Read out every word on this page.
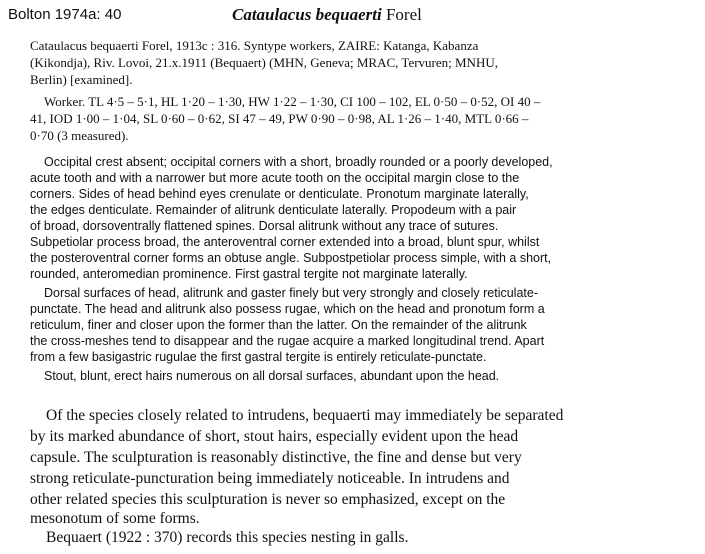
Bolton 1974a: 40	Cataulacus bequaerti Forel
Cataulacus bequaerti Forel, 1913c : 316. Syntype workers, ZAIRE: Katanga, Kabanza
(Kikondja), Riv. Lovoi, 21.x.1911 (Bequaert) (MHN, Geneva; MRAC, Tervuren; MNHU,
Berlin) [examined].
Worker. TL 4·5 – 5·1, HL 1·20 – 1·30, HW 1·22 – 1·30, CI 100 – 102, EL 0·50 – 0·52, OI 40 –
41, IOD 1·00 – 1·04, SL 0·60 – 0·62, SI 47 – 49, PW 0·90 – 0·98, AL 1·26 – 1·40, MTL 0·66 –
0·70 (3 measured).
Occipital crest absent; occipital corners with a short, broadly rounded or a poorly developed,
acute tooth and with a narrower but more acute tooth on the occipital margin close to the
corners. Sides of head behind eyes crenulate or denticulate. Pronotum marginate laterally,
the edges denticulate. Remainder of alitrunk denticulate laterally. Propodeum with a pair
of broad, dorsoventrally flattened spines. Dorsal alitrunk without any trace of sutures.
Subpetiolar process broad, the anteroventral corner extended into a broad, blunt spur, whilst
the posteroventral corner forms an obtuse angle. Subpostpetiolar process simple, with a short,
rounded, anteromedian prominence. First gastral tergite not marginate laterally.
Dorsal surfaces of head, alitrunk and gaster finely but very strongly and closely reticulate-
punctate. The head and alitrunk also possess rugae, which on the head and pronotum form a
reticulum, finer and closer upon the former than the latter. On the remainder of the alitrunk
the cross-meshes tend to disappear and the rugae acquire a marked longitudinal trend. Apart
from a few basigastric rugulae the first gastral tergite is entirely reticulate-punctate.
Stout, blunt, erect hairs numerous on all dorsal surfaces, abundant upon the head.
Of the species closely related to intrudens, bequaerti may immediately be separated
by its marked abundance of short, stout hairs, especially evident upon the head
capsule. The sculpturation is reasonably distinctive, the fine and dense but very
strong reticulate-puncturation being immediately noticeable. In intrudens and
other related species this sculpturation is never so emphasized, except on the
mesonotum of some forms.
Bequaert (1922 : 370) records this species nesting in galls.
